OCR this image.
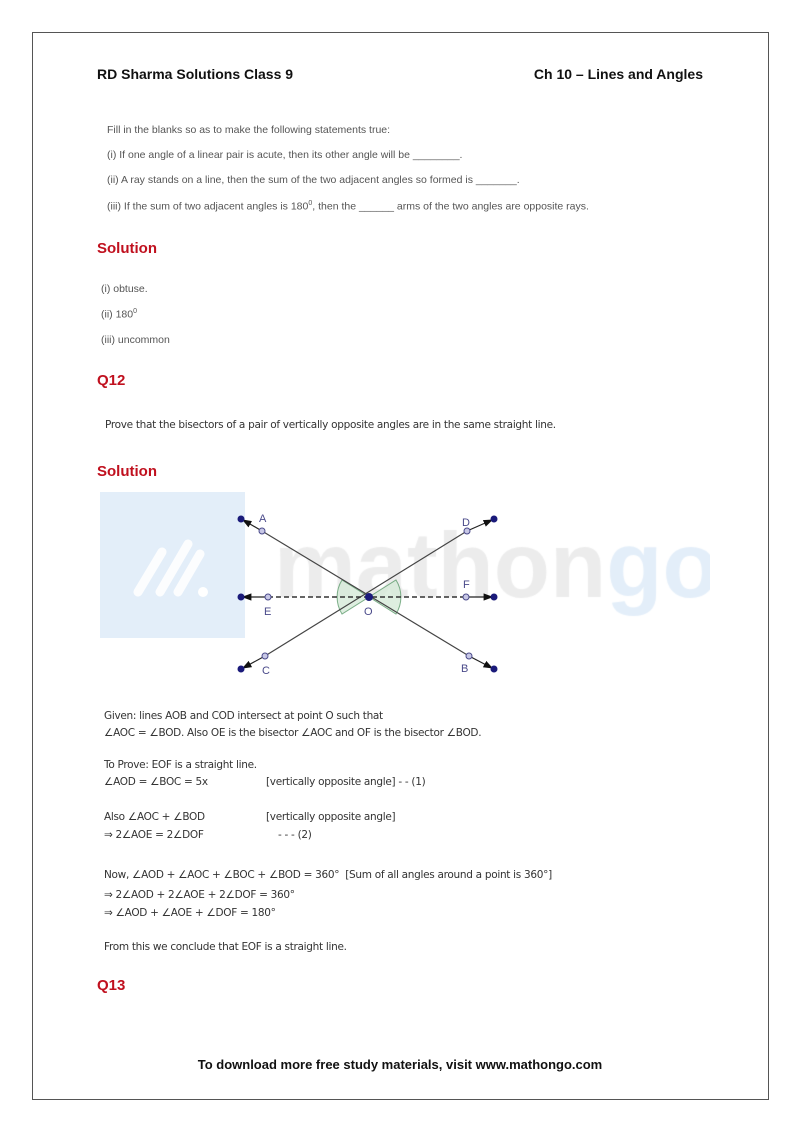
RD Sharma Solutions Class 9	Ch 10 – Lines and Angles
Fill in the blanks so as to make the following statements true:
(i) If one angle of a linear pair is acute, then its other angle will be ________.
(ii) A ray stands on a line, then the sum of the two adjacent angles so formed is _______.
(iii) If the sum of two adjacent angles is $180^0$, then the ______ arms of the two angles are opposite rays.
Solution
(i) obtuse.
(ii) $180^0$
(iii) uncommon
Q12
Prove that the bisectors of a pair of vertically opposite angles are in the same straight line.
Solution
A	D
F
E	O
C	B
Given: lines AOB and COD intersect at point O such that
∠AOC = ∠BOD. Also OE is the bisector ∠AOC and OF is the bisector ∠BOD.
To Prove: EOF is a straight line.
∠AOD = ∠BOC = 5x	[vertically opposite angle] - - (1)
Also ∠AOC + ∠BOD	[vertically opposite angle]
⇒ 2∠AOE = 2∠DOF	- - - (2)
Now, ∠AOD + ∠AOC + ∠BOC + ∠BOD = 360° [Sum of all angles around a point is 360°]
⇒ 2∠AOD + 2∠AOE + 2∠DOF = 360°
⇒ ∠AOD + ∠AOE + ∠DOF = 180°
From this we conclude that EOF is a straight line.
Q13
To download more free study materials, visit www.mathongo.com
